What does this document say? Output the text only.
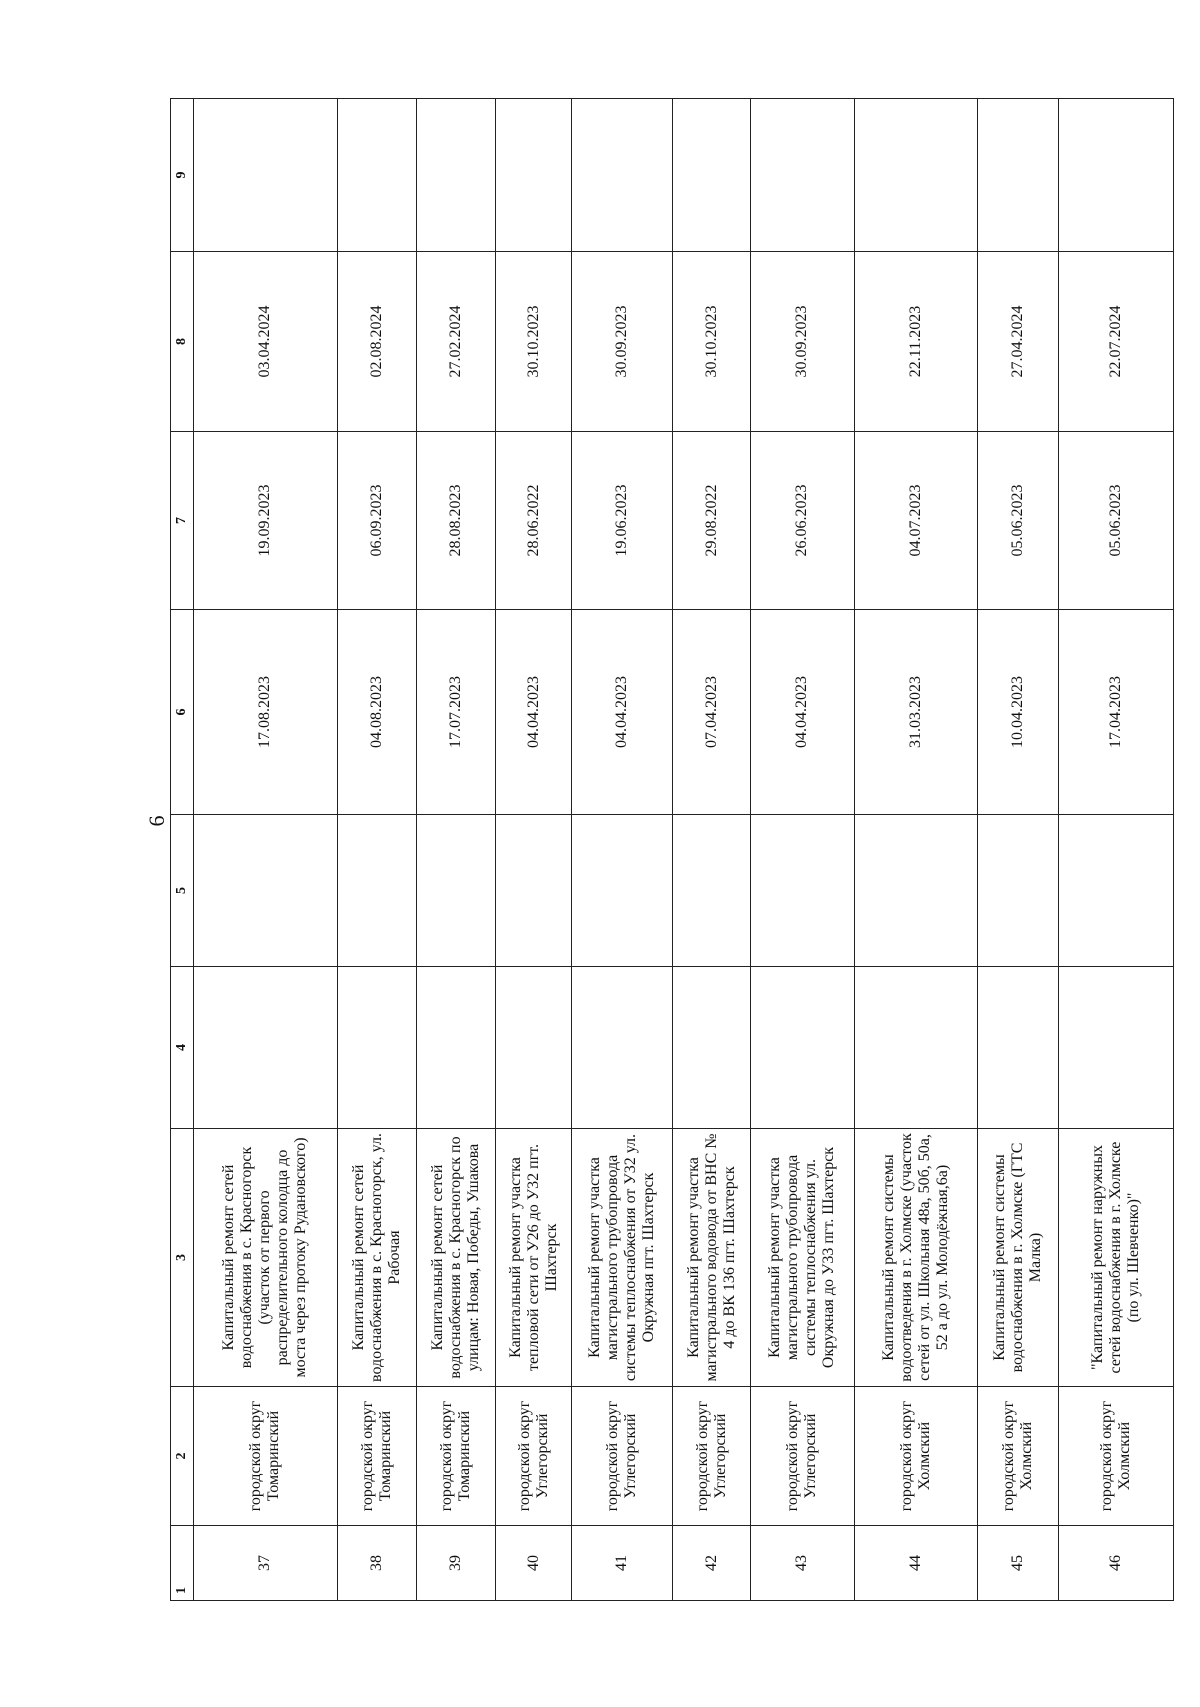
6
1	2	3	4	5	6	7	8	9
37	городской округ Томаринский	Капитальный ремонт сетей водоснабжения в с. Красногорск (участок от первого распределительного колодца до моста через протоку Рудановского)			17.08.2023	19.09.2023	03.04.2024	
38	городской округ Томаринский	Капитальный ремонт сетей водоснабжения в с. Красногорск, ул. Рабочая			04.08.2023	06.09.2023	02.08.2024	
39	городской округ Томаринский	Капитальный ремонт сетей водоснабжения в с. Красногорск по улицам: Новая, Победы, Ушакова			17.07.2023	28.08.2023	27.02.2024	
40	городской округ Углегорский	Капитальный ремонт участка тепловой сети от У26 до У32 пгт. Шахтерск			04.04.2023	28.06.2022	30.10.2023	
41	городской округ Углегорский	Капитальный ремонт участка магистрального трубопровода системы теплоснабжения от У32 ул. Окружная пгт. Шахтерск			04.04.2023	19.06.2023	30.09.2023	
42	городской округ Углегорский	Капитальный ремонт участка магистрального водовода от ВНС № 4 до ВК 136 пгт. Шахтерск			07.04.2023	29.08.2022	30.10.2023	
43	городской округ Углегорский	Капитальный ремонт участка магистрального трубопровода системы теплоснабжения ул. Окружная до У33 пгт. Шахтерск			04.04.2023	26.06.2023	30.09.2023	
44	городской округ Холмский	Капитальный ремонт системы водоотведения в г. Холмске (участок сетей от ул. Школьная 48а, 50б, 50а, 52 а до ул. Молодёжная,6а)			31.03.2023	04.07.2023	22.11.2023	
45	городской округ Холмский	Капитальный ремонт системы водоснабжения в г. Холмске (ГТС Малка)			10.04.2023	05.06.2023	27.04.2024	
46	городской округ Холмский	"Капитальный ремонт наружных сетей водоснабжения в г. Холмске (по ул. Шевченко)"			17.04.2023	05.06.2023	22.07.2024	
